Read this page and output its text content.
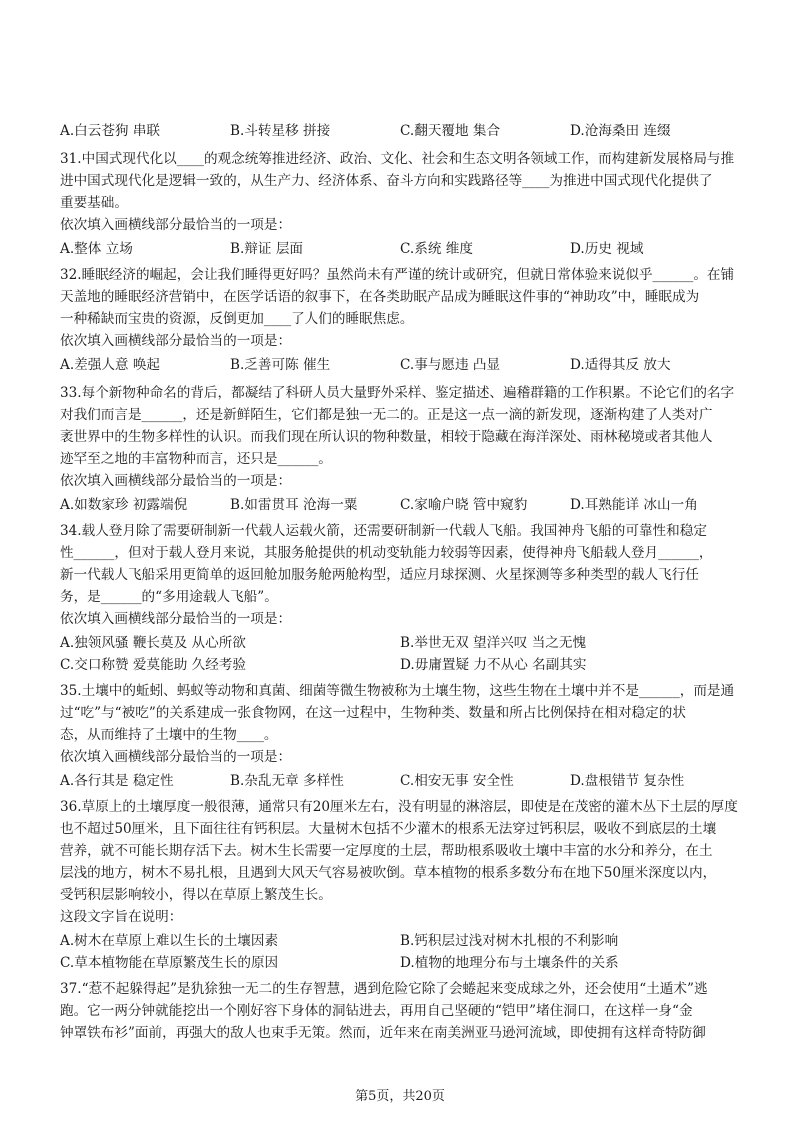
A.白云苍狗 串联	B.斗转星移 拼接	C.翻天覆地 集合	D.沧海桑田 连缀
31.中国式现代化以____的观念统筹推进经济、政治、文化、社会和生态文明各领域工作，而构建新发展格局与推
进中国式现代化是逻辑一致的，从生产力、经济体系、奋斗方向和实践路径等____为推进中国式现代化提供了
重要基础。
依次填入画横线部分最恰当的一项是：
A.整体 立场	B.辩证 层面	C.系统 维度	D.历史 视域
32.睡眠经济的崛起，会让我们睡得更好吗？虽然尚未有严谨的统计或研究，但就日常体验来说似乎______。在铺
天盖地的睡眠经济营销中，在医学话语的叙事下，在各类助眠产品成为睡眠这件事的“神助攻”中，睡眠成为
一种稀缺而宝贵的资源，反倒更加____了人们的睡眠焦虑。
依次填入画横线部分最恰当的一项是：
A.差强人意 唤起	B.乏善可陈 催生	C.事与愿违 凸显	D.适得其反 放大
33.每个新物种命名的背后，都凝结了科研人员大量野外采样、鉴定描述、遍稽群籍的工作积累。不论它们的名字
对我们而言是______，还是新鲜陌生，它们都是独一无二的。正是这一点一滴的新发现，逐渐构建了人类对广
袤世界中的生物多样性的认识。而我们现在所认识的物种数量，相较于隐藏在海洋深处、雨林秘境或者其他人
迹罕至之地的丰富物种而言，还只是______。
依次填入画横线部分最恰当的一项是：
A.如数家珍 初露端倪	B.如雷贯耳 沧海一粟	C.家喻户晓 管中窥豹	D.耳熟能详 冰山一角
34.载人登月除了需要研制新一代载人运载火箭，还需要研制新一代载人飞船。我国神舟飞船的可靠性和稳定
性______，但对于载人登月来说，其服务舱提供的机动变轨能力较弱等因素，使得神舟飞船载人登月______，
新一代载人飞船采用更简单的返回舱加服务舱两舱构型，适应月球探测、火星探测等多种类型的载人飞行任
务，是______的“多用途载人飞船”。
依次填入画横线部分最恰当的一项是：
A.独领风骚 鞭长莫及 从心所欲	B.举世无双 望洋兴叹 当之无愧
C.交口称赞 爱莫能助 久经考验	D.毋庸置疑 力不从心 名副其实
35.土壤中的蚯蚓、蚂蚁等动物和真菌、细菌等微生物被称为土壤生物，这些生物在土壤中并不是______，而是通
过“吃”与“被吃”的关系建成一张食物网，在这一过程中，生物种类、数量和所占比例保持在相对稳定的状
态，从而维持了土壤中的生物____。
依次填入画横线部分最恰当的一项是：
A.各行其是 稳定性	B.杂乱无章 多样性	C.相安无事 安全性	D.盘根错节 复杂性
36.草原上的土壤厚度一般很薄，通常只有20厘米左右，没有明显的淋溶层，即使是在茂密的灌木丛下土层的厚度
也不超过50厘米，且下面往往有钙积层。大量树木包括不少灌木的根系无法穿过钙积层，吸收不到底层的土壤
营养，就不可能长期存活下去。树木生长需要一定厚度的土层，帮助根系吸收土壤中丰富的水分和养分，在土
层浅的地方，树木不易扎根，且遇到大风天气容易被吹倒。草本植物的根系多数分布在地下50厘米深度以内，
受钙积层影响较小，得以在草原上繁茂生长。
这段文字旨在说明：
A.树木在草原上难以生长的土壤因素	B.钙积层过浅对树木扎根的不利影响
C.草本植物能在草原繁茂生长的原因	D.植物的地理分布与土壤条件的关系
37.“惹不起躲得起”是犰狳独一无二的生存智慧，遇到危险它除了会蜷起来变成球之外，还会使用“土遁术”逃
跑。它一两分钟就能挖出一个刚好容下身体的洞钻进去，再用自己坚硬的“铠甲”堵住洞口，在这样一身“金
钟罩铁布衫”面前，再强大的敌人也束手无策。然而，近年来在南美洲亚马逊河流域，即使拥有这样奇特防御
第5页，共20页
